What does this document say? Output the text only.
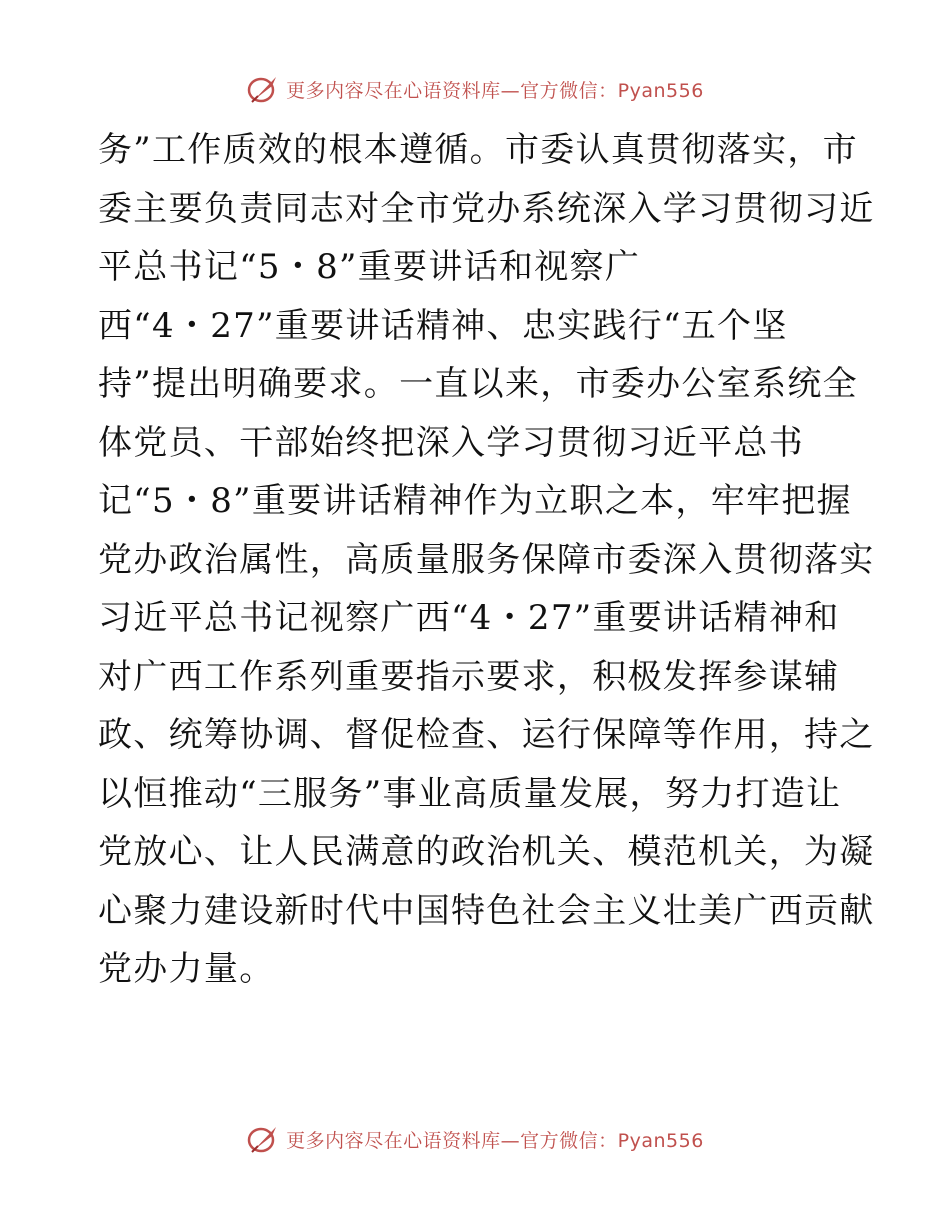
更多内容尽在心语资料库—官方微信：Pyan556
务”工作质效的根本遵循。市委认真贯彻落实，市
委主要负责同志对全市党办系统深入学习贯彻习近
平总书记“5・8”重要讲话和视察广
西“4・27”重要讲话精神、忠实践行“五个坚
持”提出明确要求。一直以来，市委办公室系统全
体党员、干部始终把深入学习贯彻习近平总书
记“5・8”重要讲话精神作为立职之本，牢牢把握
党办政治属性，高质量服务保障市委深入贯彻落实
习近平总书记视察广西“4・27”重要讲话精神和
对广西工作系列重要指示要求，积极发挥参谋辅
政、统筹协调、督促检查、运行保障等作用，持之
以恒推动“三服务”事业高质量发展，努力打造让
党放心、让人民满意的政治机关、模范机关，为凝
心聚力建设新时代中国特色社会主义壮美广西贡献
党办力量。
更多内容尽在心语资料库—官方微信：Pyan556
